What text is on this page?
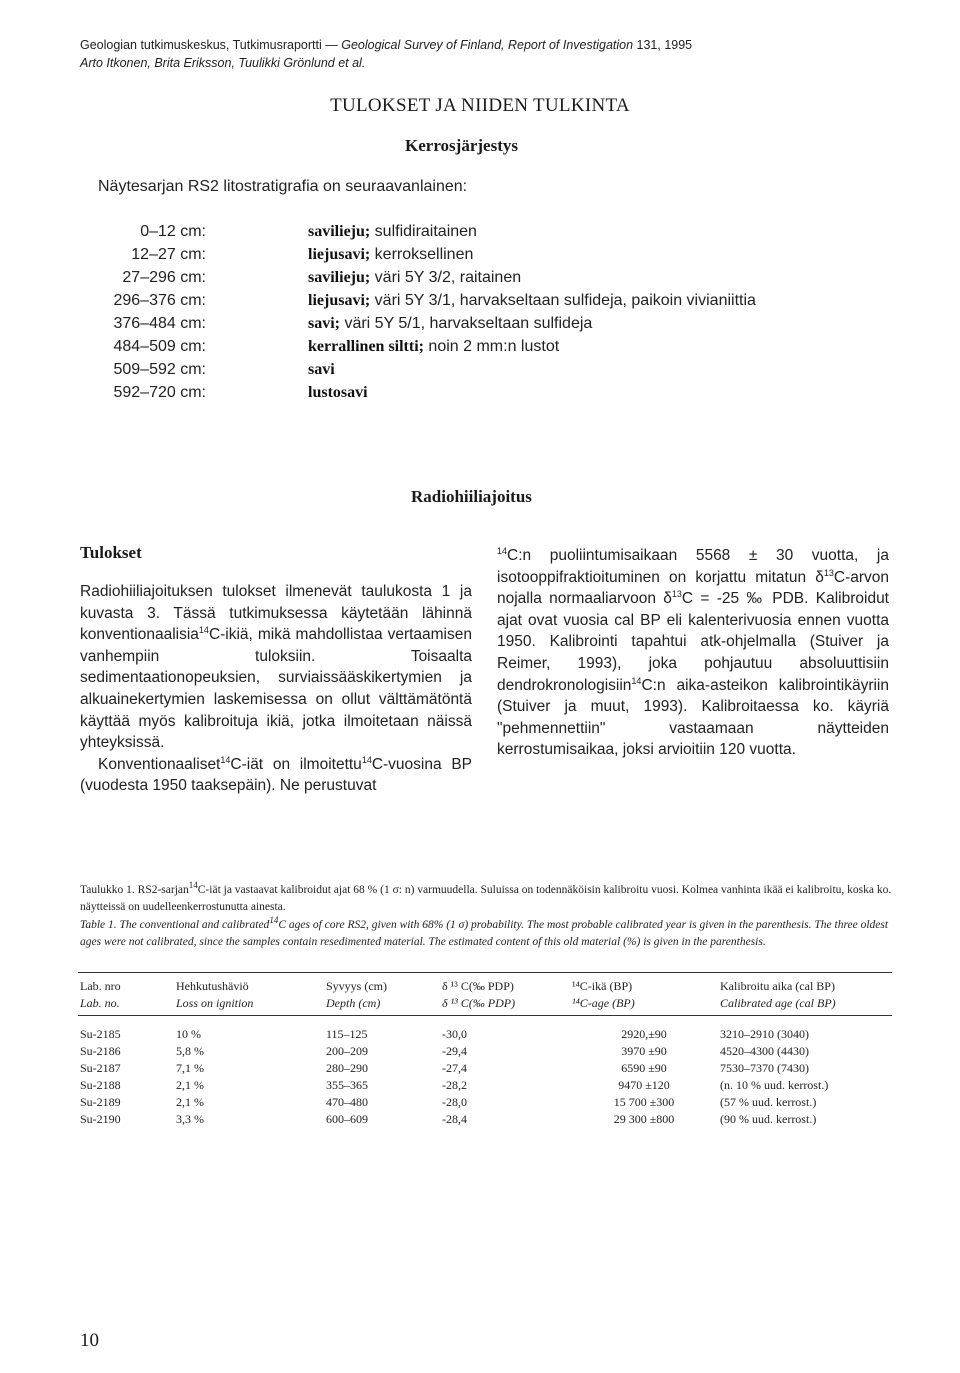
Geologian tutkimuskeskus, Tutkimusraportti — Geological Survey of Finland, Report of Investigation 131, 1995
Arto Itkonen, Brita Eriksson, Tuulikki Grönlund et al.
TULOKSET JA NIIDEN TULKINTA
Kerrosjärjestys
Näytesarjan RS2 litostratigrafia on seuraavanlainen:
0–12 cm:	savilieju; sulfidiraitainen
12–27 cm:	liejusavi; kerroksellinen
27–296 cm:	savilieju; väri 5Y 3/2, raitainen
296–376 cm:	liejusavi; väri 5Y 3/1, harvakseltaan sulfideja, paikoin vivianiittia
376–484 cm:	savi; väri 5Y 5/1, harvakseltaan sulfideja
484–509 cm:	kerrallinen siltti; noin 2 mm:n lustot
509–592 cm:	savi
592–720 cm:	lustosavi
Radiohiiliajoitus
Tulokset
Radiohiiliajoituksen tulokset ilmenevät taulukosta 1 ja kuvasta 3. Tässä tutkimuksessa käytetään lähinnä konventionaalisia$^{14}$C-ikiä, mikä mahdollistaa vertaamisen vanhempiin tuloksiin. Toisaalta sedimentaationopeuksien, surviaissääskikertymien ja alkuainekertymien laskemisessa on ollut välttämätöntä käyttää myös kalibroituja ikiä, jotka ilmoitetaan näissä yhteyksissä.
Konventionaaliset$^{14}$C-iät on ilmoitettu$^{14}$C-vuosina BP (vuodesta 1950 taaksepäin). Ne perustuvat
$^{14}$C:n puoliintumisaikaan 5568 ± 30 vuotta, ja isotooppifraktioituminen on korjattu mitatun $\delta^{13}C$-arvon nojalla normaaliarvoon $\delta^{13}C = -25$ ‰ PDB. Kalibroidut ajat ovat vuosia cal BP eli kalenterivuosia ennen vuotta 1950. Kalibrointi tapahtui atk-ohjelmalla (Stuiver ja Reimer, 1993), joka pohjautuu absoluuttisiin dendrokronologisiin$^{14}$C:n aika-asteikon kalibrointikäyriin (Stuiver ja muut, 1993). Kalibroitaessa ko. käyriä "pehmennettiin" vastaamaan näytteiden kerrostumisaikaa, joksi arvioitiin 120 vuotta.
Taulukko 1. RS2-sarjan$^{14}$C-iät ja vastaavat kalibroidut ajat 68 % (1 σ: n) varmuudella. Suluissa on todennäköisin kalibroitu vuosi. Kolmea vanhinta ikää ei kalibroitu, koska ko. näytteissä on uudelleenkerrostunutta ainesta.
Table 1. The conventional and calibrated$^{14}$C ages of core RS2, given with 68% (1 σ) probability. The most probable calibrated year is given in the parenthesis. The three oldest ages were not calibrated, since the samples contain resedimented material. The estimated content of this old material (%) is given in the parenthesis.
Lab. nro	Hehkutushäviö	Syvyys (cm)	δ ¹³ C(‰ PDP)	¹⁴C-ikä (BP)	Kalibroitu aika (cal BP)
Lab. no.	Loss on ignition	Depth (cm)	δ ¹³ C(‰ PDP)	¹⁴C-age (BP)	Calibrated age (cal BP)
Su-2185	10 %	115–125	-30,0	2920,±90	3210–2910 (3040)
Su-2186	5,8 %	200–209	-29,4	3970 ±90	4520–4300 (4430)
Su-2187	7,1 %	280–290	-27,4	6590 ±90	7530–7370 (7430)
Su-2188	2,1 %	355–365	-28,2	9470 ±120	(n. 10 % uud. kerrost.)
Su-2189	2,1 %	470–480	-28,0	15 700 ±300	(57 % uud. kerrost.)
Su-2190	3,3 %	600–609	-28,4	29 300 ±800	(90 % uud. kerrost.)
10
